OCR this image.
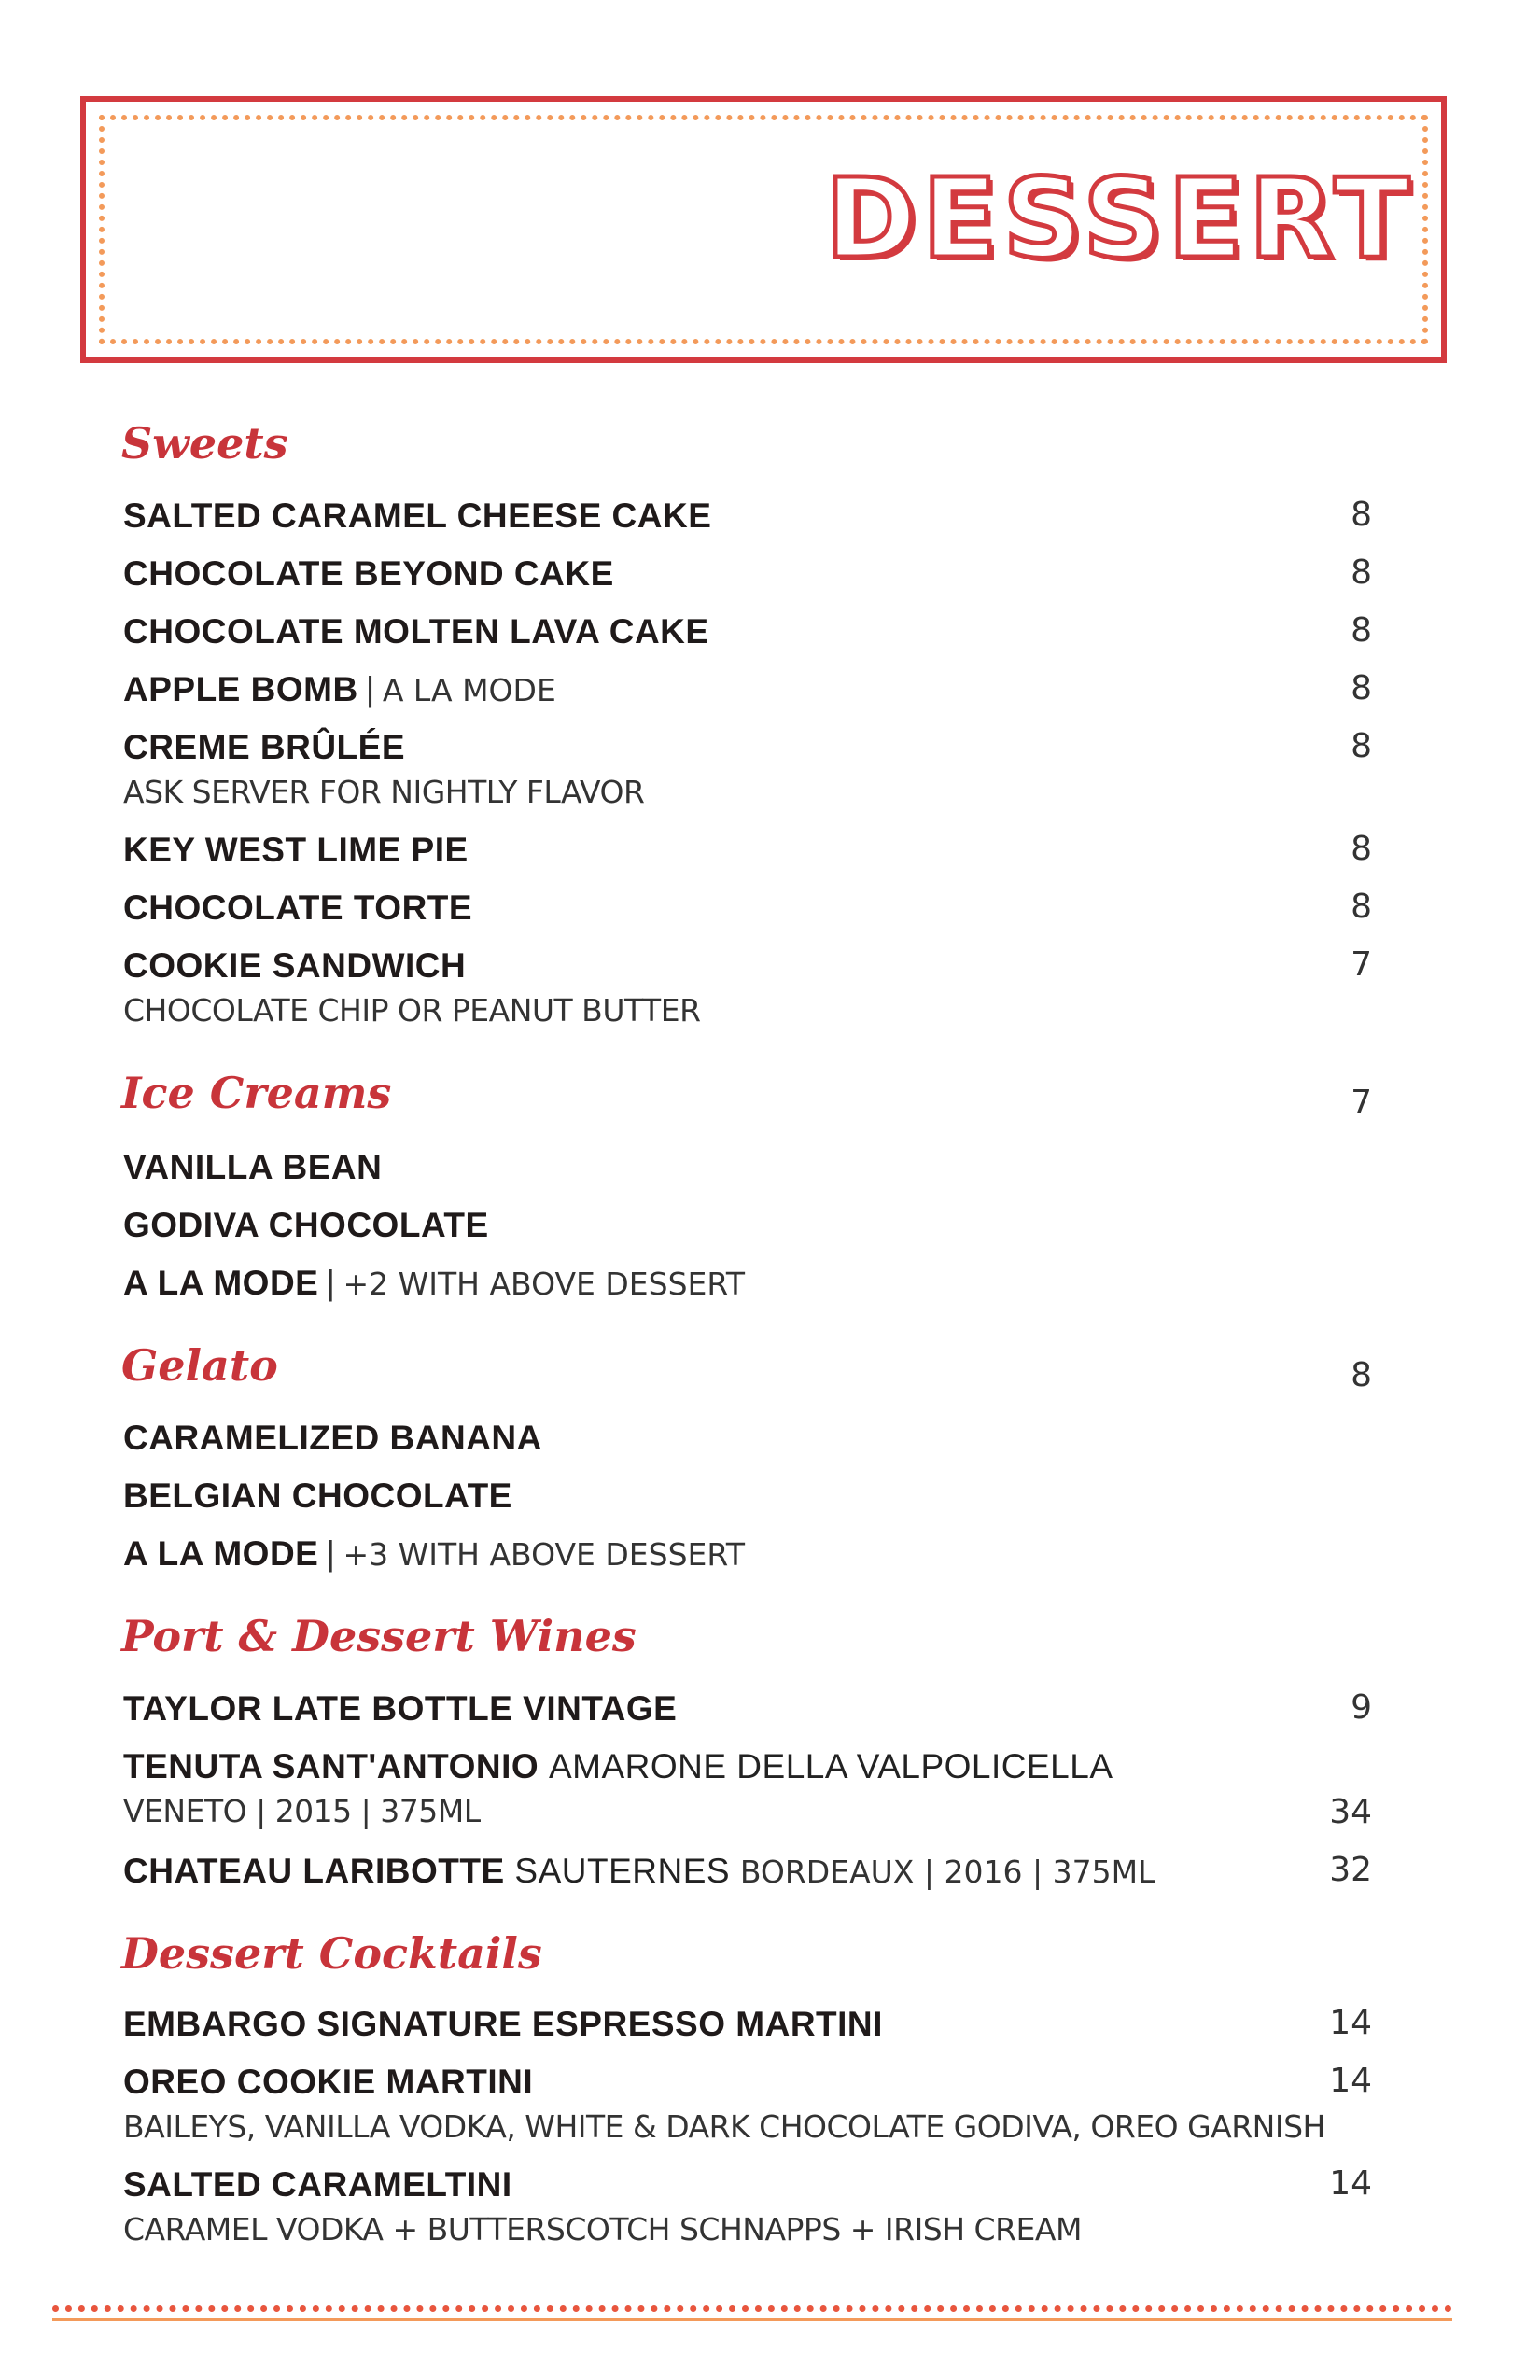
DESSERT
Sweets
SALTED CARAMEL CHEESE CAKE	8
CHOCOLATE BEYOND CAKE	8
CHOCOLATE MOLTEN LAVA CAKE	8
APPLE BOMB | A LA MODE	8
CREME BRÛLÉE	8
ASK SERVER FOR NIGHTLY FLAVOR
KEY WEST LIME PIE	8
CHOCOLATE TORTE	8
COOKIE SANDWICH	7
CHOCOLATE CHIP OR PEANUT BUTTER
Ice Creams	7
VANILLA BEAN
GODIVA CHOCOLATE
A LA MODE | +2 WITH ABOVE DESSERT
Gelato	8
CARAMELIZED BANANA
BELGIAN CHOCOLATE
A LA MODE | +3 WITH ABOVE DESSERT
Port & Dessert Wines
TAYLOR LATE BOTTLE VINTAGE	9
TENUTA SANT'ANTONIO AMARONE DELLA VALPOLICELLA
VENETO | 2015 | 375ML	34
CHATEAU LARIBOTTE SAUTERNES BORDEAUX | 2016 | 375ML	32
Dessert Cocktails
EMBARGO SIGNATURE ESPRESSO MARTINI	14
OREO COOKIE MARTINI	14
BAILEYS, VANILLA VODKA, WHITE & DARK CHOCOLATE GODIVA, OREO GARNISH
SALTED CARAMELTINI	14
CARAMEL VODKA + BUTTERSCOTCH SCHNAPPS + IRISH CREAM
